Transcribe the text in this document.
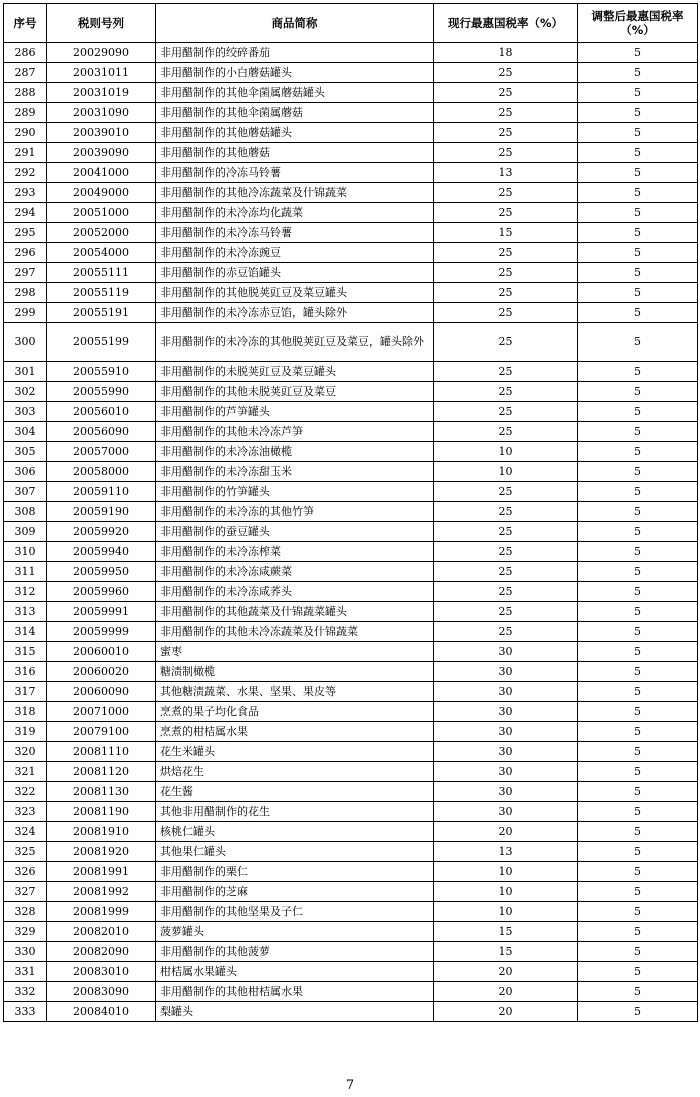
序号	税则号列	商品简称	现行最惠国税率（%）	调整后最惠国税率（%）
286	20029090	非用醋制作的绞碎番茄	18	5
287	20031011	非用醋制作的小白蘑菇罐头	25	5
288	20031019	非用醋制作的其他伞菌属蘑菇罐头	25	5
289	20031090	非用醋制作的其他伞菌属蘑菇	25	5
290	20039010	非用醋制作的其他蘑菇罐头	25	5
291	20039090	非用醋制作的其他蘑菇	25	5
292	20041000	非用醋制作的冷冻马铃薯	13	5
293	20049000	非用醋制作的其他冷冻蔬菜及什锦蔬菜	25	5
294	20051000	非用醋制作的未冷冻均化蔬菜	25	5
295	20052000	非用醋制作的未冷冻马铃薯	15	5
296	20054000	非用醋制作的未冷冻豌豆	25	5
297	20055111	非用醋制作的赤豆馅罐头	25	5
298	20055119	非用醋制作的其他脱荚豇豆及菜豆罐头	25	5
299	20055191	非用醋制作的未冷冻赤豆馅，罐头除外	25	5
300	20055199	非用醋制作的未冷冻的其他脱荚豇豆及菜豆，罐头除外	25	5
301	20055910	非用醋制作的未脱荚豇豆及菜豆罐头	25	5
302	20055990	非用醋制作的其他未脱荚豇豆及菜豆	25	5
303	20056010	非用醋制作的芦笋罐头	25	5
304	20056090	非用醋制作的其他未冷冻芦笋	25	5
305	20057000	非用醋制作的未冷冻油橄榄	10	5
306	20058000	非用醋制作的未冷冻甜玉米	10	5
307	20059110	非用醋制作的竹笋罐头	25	5
308	20059190	非用醋制作的未冷冻的其他竹笋	25	5
309	20059920	非用醋制作的蚕豆罐头	25	5
310	20059940	非用醋制作的未冷冻榨菜	25	5
311	20059950	非用醋制作的未冷冻咸蕨菜	25	5
312	20059960	非用醋制作的未冷冻咸荞头	25	5
313	20059991	非用醋制作的其他蔬菜及什锦蔬菜罐头	25	5
314	20059999	非用醋制作的其他未冷冻蔬菜及什锦蔬菜	25	5
315	20060010	蜜枣	30	5
316	20060020	糖渍制橄榄	30	5
317	20060090	其他糖渍蔬菜、水果、坚果、果皮等	30	5
318	20071000	烹煮的果子均化食品	30	5
319	20079100	烹煮的柑桔属水果	30	5
320	20081110	花生米罐头	30	5
321	20081120	烘焙花生	30	5
322	20081130	花生酱	30	5
323	20081190	其他非用醋制作的花生	30	5
324	20081910	核桃仁罐头	20	5
325	20081920	其他果仁罐头	13	5
326	20081991	非用醋制作的栗仁	10	5
327	20081992	非用醋制作的芝麻	10	5
328	20081999	非用醋制作的其他坚果及子仁	10	5
329	20082010	菠萝罐头	15	5
330	20082090	非用醋制作的其他菠萝	15	5
331	20083010	柑桔属水果罐头	20	5
332	20083090	非用醋制作的其他柑桔属水果	20	5
333	20084010	梨罐头	20	5
7
